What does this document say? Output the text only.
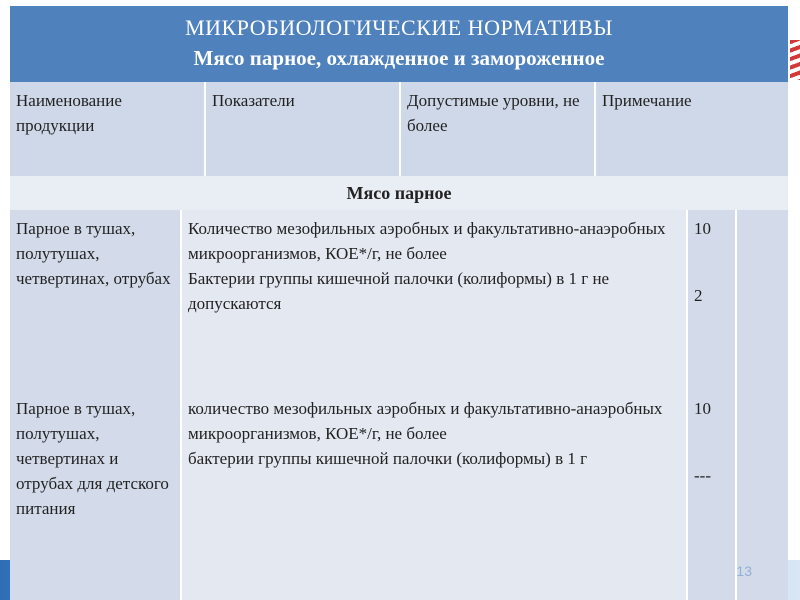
МИКРОБИОЛОГИЧЕСКИЕ НОРМАТИВЫ
Мясо парное, охлажденное и замороженное
Наименование продукции
Показатели	Допустимые уровни, не более
Примечание
Мясо парное
Парное в тушах, полутушах, четвертинах, отрубах
Количество мезофильных аэробных и факультативно-анаэробных микроорганизмов, КОЕ*/г, не более
Бактерии группы кишечной палочки (колиформы) в 1 г не допускаются
10
2
Парное в тушах, полутушах, четвертинах и отрубах для детского питания
количество мезофильных аэробных и факультативно-анаэробных микроорганизмов, КОЕ*/г, не более
бактерии группы кишечной палочки (колиформы) в 1 г
10
---
13
